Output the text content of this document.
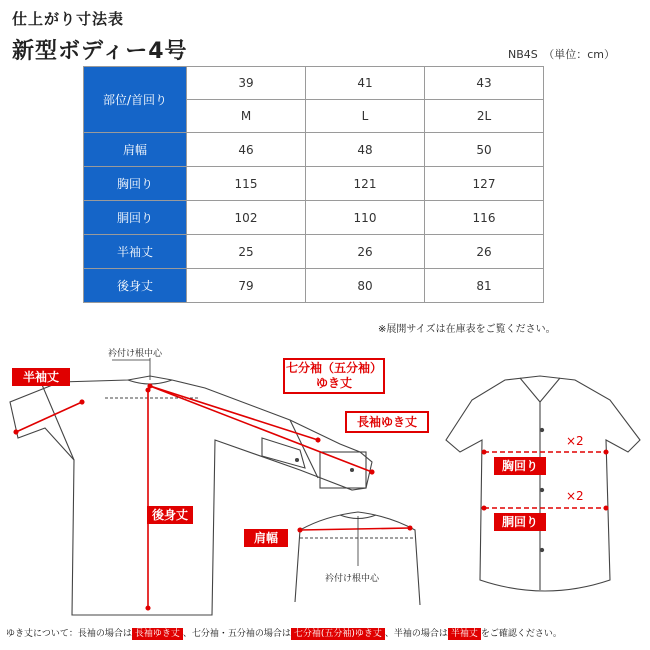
仕上がり寸法表
新型ボディー4号	NB4S　（単位：cm）
部位/首回り	39	41	43
	M	L	2L
肩幅	46	48	50
胸回り	115	121	127
胴回り	102	110	116
半袖丈	25	26	26
後身丈	79	80	81
※展開サイズは在庫表をご覧ください。
衿付け根中心
半袖丈
七分袖（五分袖）
ゆき丈
長袖ゆき丈
後身丈
肩幅
衿付け根中心
胸回り
胴回り
×2
×2
ゆき丈について：長袖の場合は 長袖ゆき丈 、七分袖・五分袖の場合は 七分袖(五分袖)ゆき丈 、半袖の場合は 半袖丈 をご確認ください。
